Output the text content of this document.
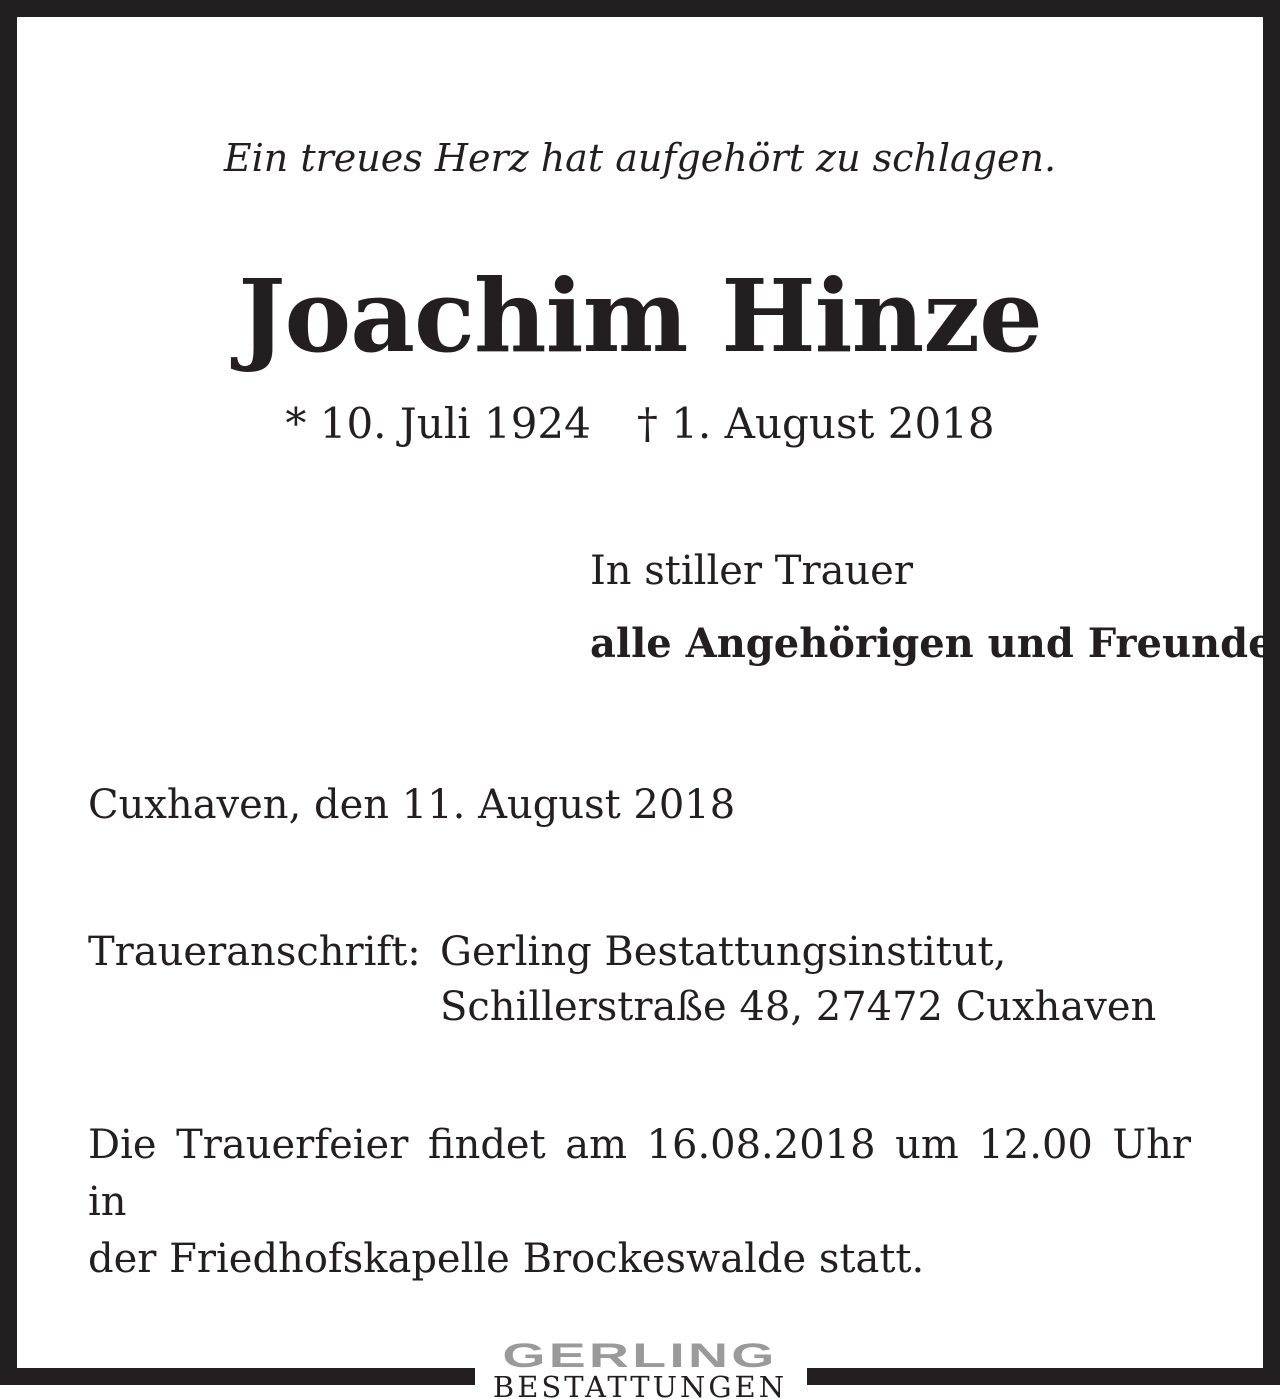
Ein treues Herz hat aufgehört zu schlagen.
Joachim Hinze
* 10. Juli 1924 † 1. August 2018
In stiller Trauer
alle Angehörigen und Freunde
Cuxhaven, den 11. August 2018
Traueranschrift: Gerling Bestattungsinstitut,
Schillerstraße 48, 27472 Cuxhaven
Die Trauerfeier findet am 16.08.2018 um 12.00 Uhr in
der Friedhofskapelle Brockeswalde statt.
GERLING
BESTATTUNGEN
